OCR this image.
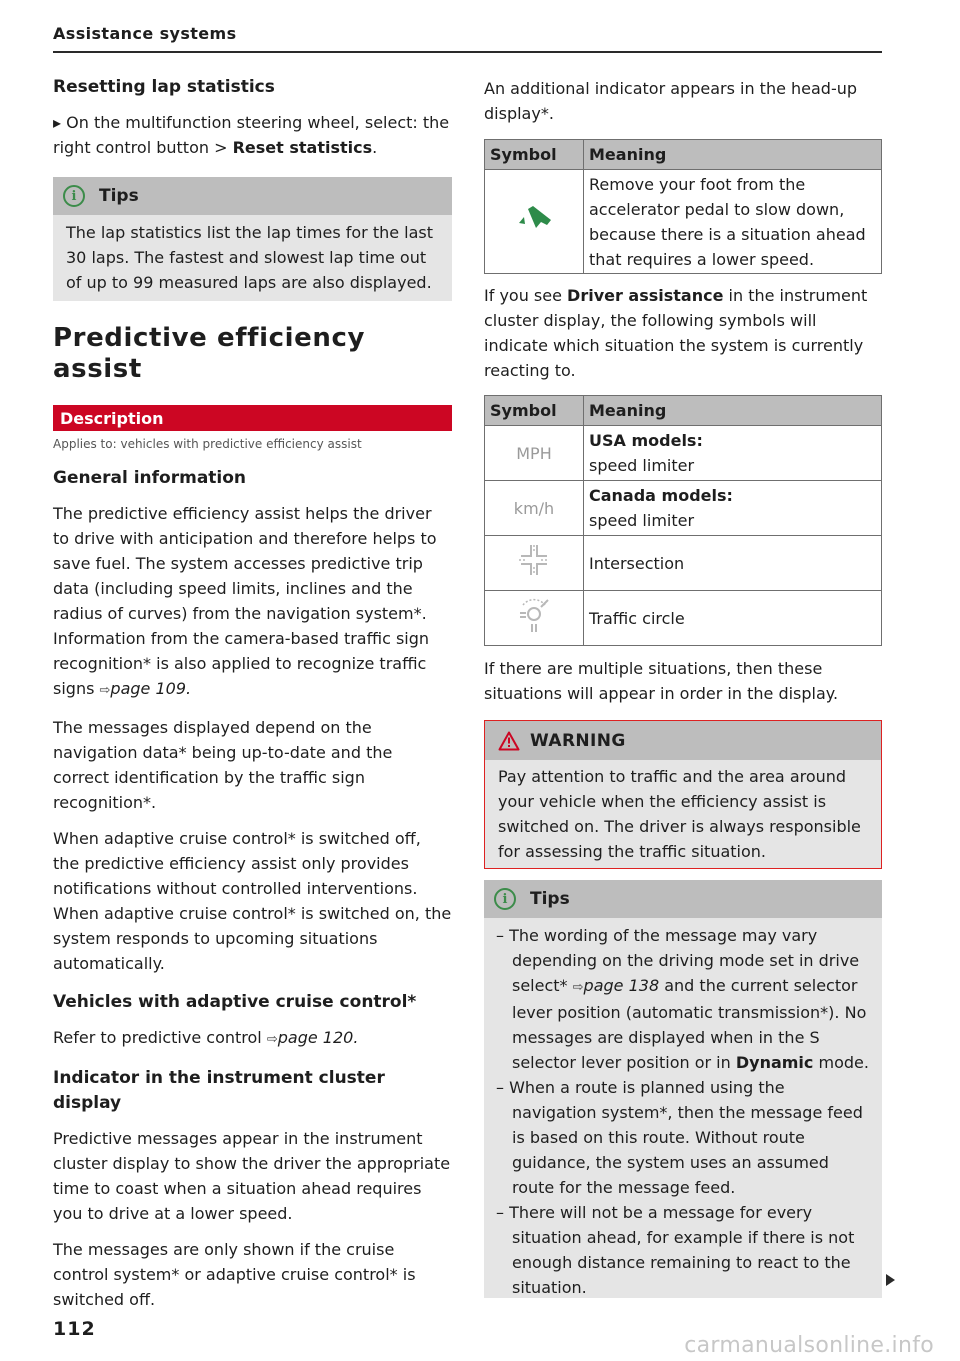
Assistance systems
Resetting lap statistics

▸ On the multifunction steering wheel, select: the right control button > Reset statistics.

i	Tips
The lap statistics list the lap times for the last 30 laps. The fastest and slowest lap time out of up to 99 measured laps are also displayed.
Predictive efficiency assist
Description
Applies to: vehicles with predictive efficiency assist
General information

The predictive efficiency assist helps the driver to drive with anticipation and therefore helps to save fuel. The system accesses predictive trip data (including speed limits, inclines and the radius of curves) from the navigation system*. Information from the camera-based traffic sign recognition* is also applied to recognize traffic signs ⇨page 109.

The messages displayed depend on the navigation data* being up-to-date and the correct identification by the traffic sign recognition*.

When adaptive cruise control* is switched off, the predictive efficiency assist only provides notifications without controlled interventions. When adaptive cruise control* is switched on, the system responds to upcoming situations automatically.

Vehicles with adaptive cruise control*

Refer to predictive control ⇨page 120.

Indicator in the instrument cluster display

Predictive messages appear in the instrument cluster display to show the driver the appropriate time to coast when a situation ahead requires you to drive at a lower speed.

The messages are only shown if the cruise control system* or adaptive cruise control* is switched off.

An additional indicator appears in the head-up display*.

Symbol	Meaning
	Remove your foot from the accelerator pedal to slow down, because there is a situation ahead that requires a lower speed.

If you see Driver assistance in the instrument cluster display, the following symbols will indicate which situation the system is currently reacting to.

Symbol	Meaning
MPH	USA models:
speed limiter
km/h	Canada models:
speed limiter
	Intersection
	Traffic circle

If there are multiple situations, then these situations will appear in order in the display.

WARNING
Pay attention to traffic and the area around your vehicle when the efficiency assist is switched on. The driver is always responsible for assessing the traffic situation.
i	Tips
– The wording of the message may vary depending on the driving mode set in drive select* ⇨page 138 and the current selector lever position (automatic transmission*). No messages are displayed when in the S selector lever position or in Dynamic mode.
– When a route is planned using the navigation system*, then the message feed is based on this route. Without route guidance, the system uses an assumed route for the message feed.
– There will not be a message for every situation ahead, for example if there is not enough distance remaining to react to the situation.
112
carmanualsonline.info
